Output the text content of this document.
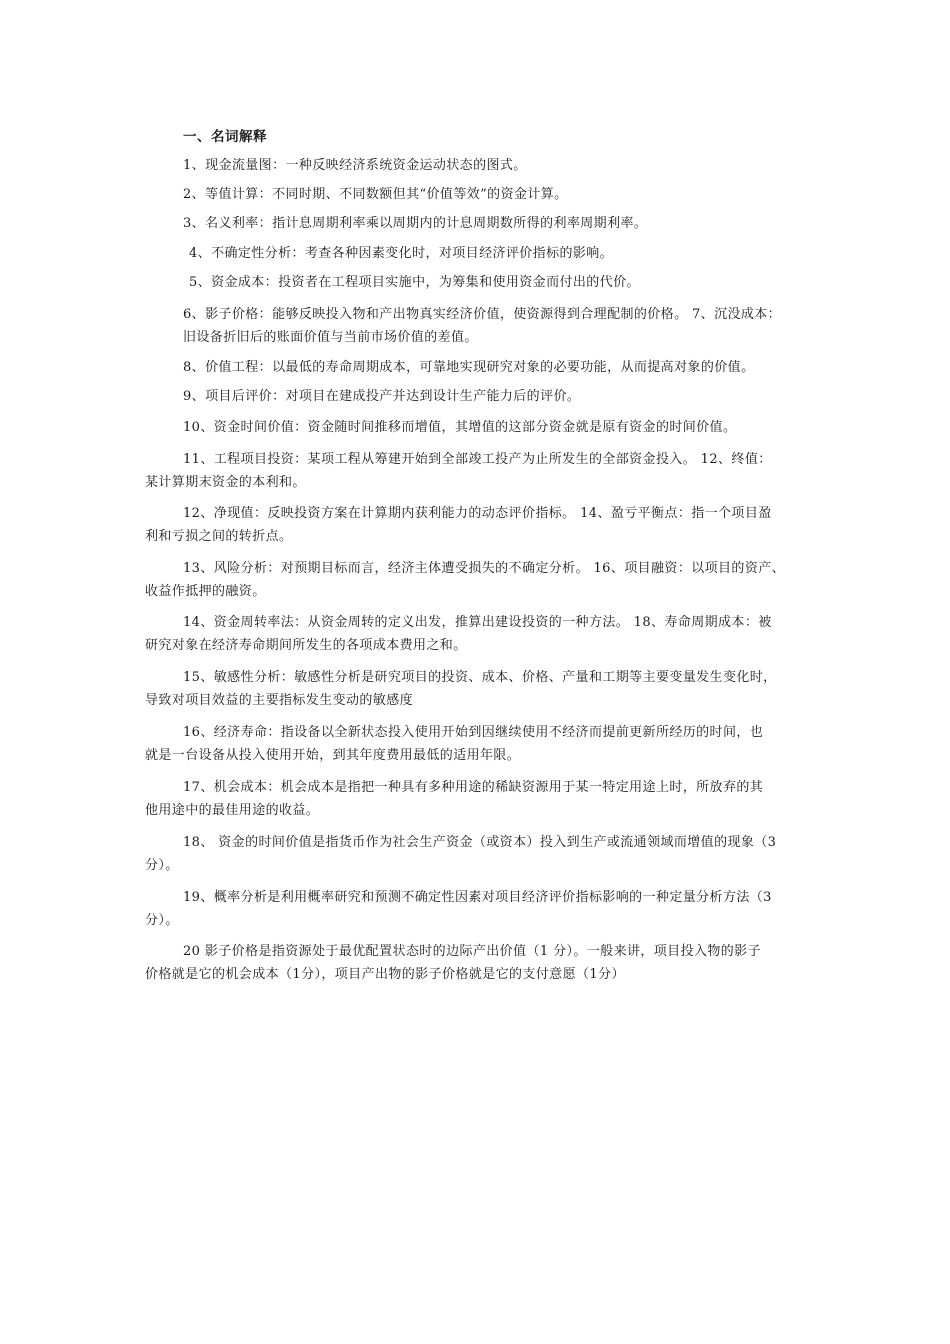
一、名词解释
1、现金流量图：一种反映经济系统资金运动状态的图式。
2、等值计算：不同时期、不同数额但其“价值等效”的资金计算。
3、名义利率：指计息周期利率乘以周期内的计息周期数所得的利率周期利率。
4、不确定性分析：考查各种因素变化时，对项目经济评价指标的影响。
5、资金成本：投资者在工程项目实施中，为筹集和使用资金而付出的代价。
6、影子价格：能够反映投入物和产出物真实经济价值，使资源得到合理配制的价格。 7、沉没成本：
旧设备折旧后的账面价值与当前市场价值的差值。
8、价值工程：以最低的寿命周期成本，可靠地实现研究对象的必要功能，从而提高对象的价值。
9、项目后评价：对项目在建成投产并达到设计生产能力后的评价。
10、资金时间价值：资金随时间推移而增值，其增值的这部分资金就是原有资金的时间价值。
11、工程项目投资：某项工程从筹建开始到全部竣工投产为止所发生的全部资金投入。 12、终值：
某计算期末资金的本利和。
12、净现值：反映投资方案在计算期内获利能力的动态评价指标。 14、盈亏平衡点：指一个项目盈
利和亏损之间的转折点。
13、风险分析：对预期目标而言，经济主体遭受损失的不确定分析。 16、项目融资：以项目的资产、
收益作抵押的融资。
14、资金周转率法：从资金周转的定义出发，推算出建设投资的一种方法。 18、寿命周期成本：被
研究对象在经济寿命期间所发生的各项成本费用之和。
15、敏感性分析：敏感性分析是研究项目的投资、成本、价格、产量和工期等主要变量发生变化时，
导致对项目效益的主要指标发生变动的敏感度
16、经济寿命：指设备以全新状态投入使用开始到因继续使用不经济而提前更新所经历的时间，也
就是一台设备从投入使用开始，到其年度费用最低的适用年限。
17、机会成本：机会成本是指把一种具有多种用途的稀缺资源用于某一特定用途上时，所放弃的其
他用途中的最佳用途的收益。
18、 资金的时间价值是指货币作为社会生产资金（或资本）投入到生产或流通领域而增值的现象（3
分）。
19、概率分析是利用概率研究和预测不确定性因素对项目经济评价指标影响的一种定量分析方法（3
分）。
20 影子价格是指资源处于最优配置状态时的边际产出价值（1 分）。一般来讲，项目投入物的影子
价格就是它的机会成本（1分），项目产出物的影子价格就是它的支付意愿（1分）
